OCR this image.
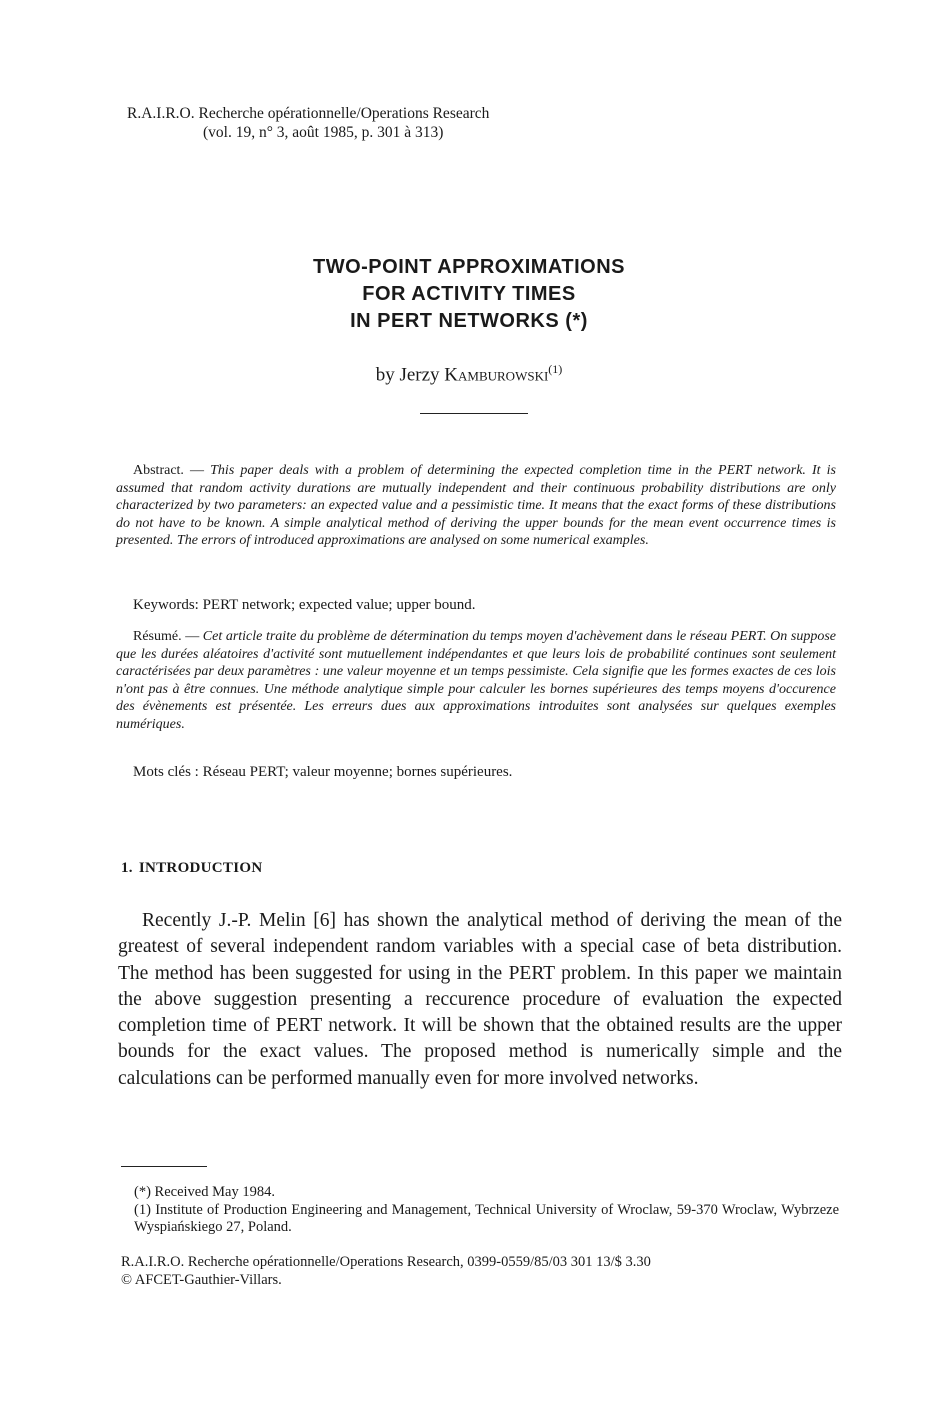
R.A.I.R.O. Recherche opérationnelle/Operations Research
(vol. 19, n° 3, août 1985, p. 301 à 313)
TWO-POINT APPROXIMATIONS
FOR ACTIVITY TIMES
IN PERT NETWORKS (*)
by Jerzy Kamburowski$^{(1)}$
Abstract. — This paper deals with a problem of determining the expected completion time in the PERT network. It is assumed that random activity durations are mutually independent and their continuous probability distributions are only characterized by two parameters: an expected value and a pessimistic time. It means that the exact forms of these distributions do not have to be known. A simple analytical method of deriving the upper bounds for the mean event occurrence times is presented. The errors of introduced approximations are analysed on some numerical examples.
Keywords: PERT network; expected value; upper bound.
Résumé. — Cet article traite du problème de détermination du temps moyen d'achèvement dans le réseau PERT. On suppose que les durées aléatoires d'activité sont mutuellement indépendantes et que leurs lois de probabilité continues sont seulement caractérisées par deux paramètres : une valeur moyenne et un temps pessimiste. Cela signifie que les formes exactes de ces lois n'ont pas à être connues. Une méthode analytique simple pour calculer les bornes supérieures des temps moyens d'occurence des évènements est présentée. Les erreurs dues aux approximations introduites sont analysées sur quelques exemples numériques.
Mots clés : Réseau PERT; valeur moyenne; bornes supérieures.
1. INTRODUCTION

Recently J.-P. Melin [6] has shown the analytical method of deriving the mean of the greatest of several independent random variables with a special case of beta distribution. The method has been suggested for using in the PERT problem. In this paper we maintain the above suggestion presenting a reccurence procedure of evaluation the expected completion time of PERT network. It will be shown that the obtained results are the upper bounds for the exact values. The proposed method is numerically simple and the calculations can be performed manually even for more involved networks.

(*) Received May 1984.
(1) Institute of Production Engineering and Management, Technical University of Wroclaw, 59-370 Wroclaw, Wybrzeze Wyspiańskiego 27, Poland.
R.A.I.R.O. Recherche opérationnelle/Operations Research, 0399-0559/85/03 301 13/$ 3.30
© AFCET-Gauthier-Villars.
